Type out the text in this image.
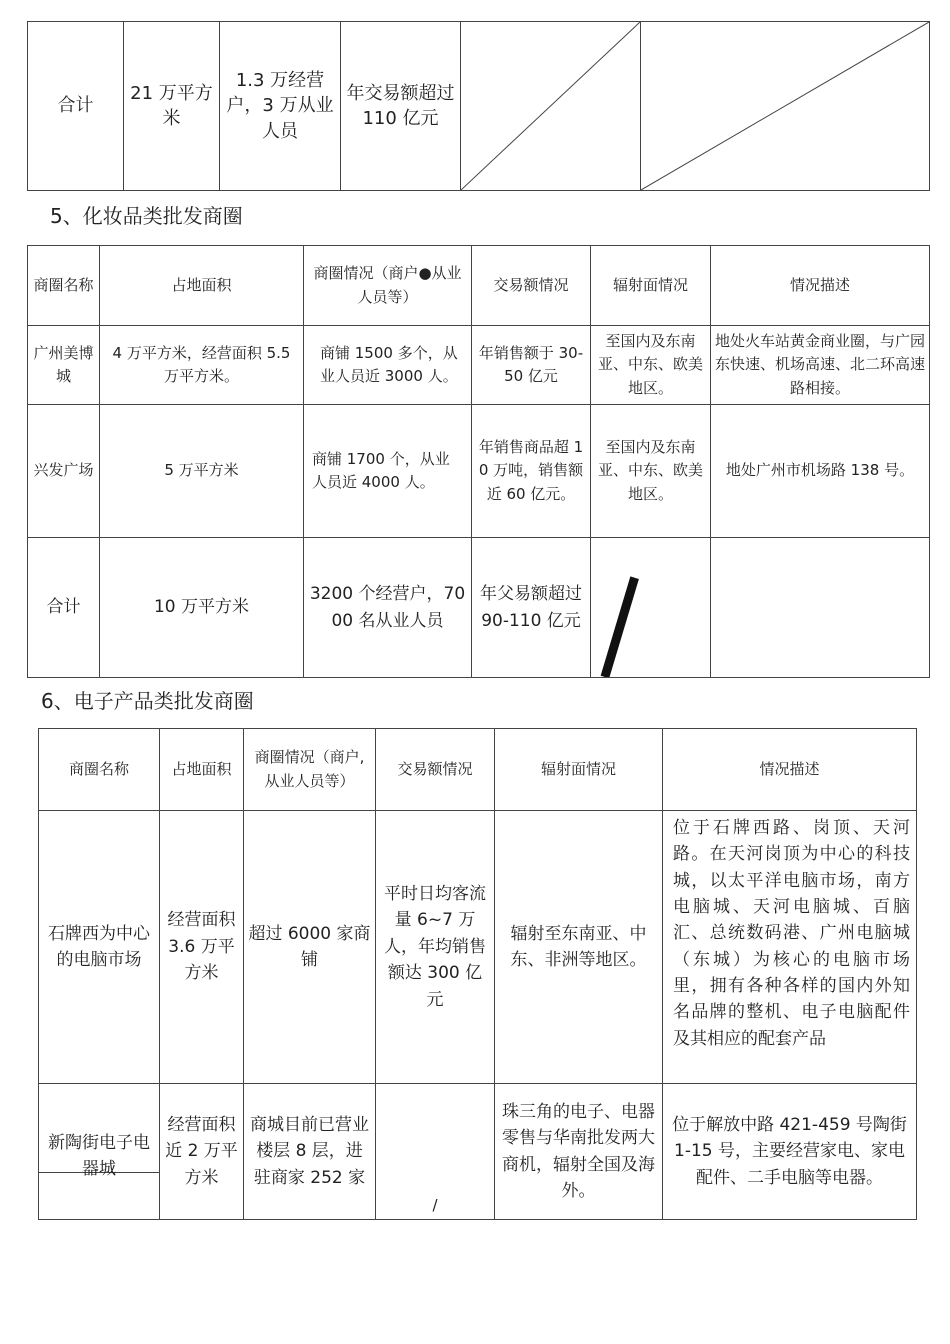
合计	21 万平方米	1.3 万经营户，3 万从业人员	年交易额超过 110 亿元	

5、化妆品类批发商圈
商圈名称	占地面积	商圈情况（商户●从业人员等）	交易额情况	辐射面情况	情况描述
广州美博城	4 万平方米，经营面积 5.5 万平方米。	商铺 1500 多个，从业人员近 3000 人。	年销售额于 30-50 亿元	至国内及东南亚、中东、欧美地区。	地处火车站黄金商业圈，与广园东快速、机场高速、北二环高速路相接。
兴发广场	5 万平方米	商铺 1700 个，从业 人员近 4000 人。	年销售商品超 10 万吨，销售额近 60 亿元。	至国内及东南亚、中东、欧美地区。	地处广州市机场路 138 号。
合计	10 万平方米	3200 个经营户，7000 名从业人员	年父易额超过 90-110 亿元	

6、电子产品类批发商圈
商圈名称	占地面积	商圈情况（商户,从业人员等）	交易额情况	辐射面情况	情况描述
石牌西为中心的电脑市场	经营面积 3.6 万平方米	超过 6000 家商铺	平时日均客流量 6~7 万人，年均销售额达 300 亿元	辐射至东南亚、中东、非洲等地区。	位于石牌西路、岗顶、天河路。在天河岗顶为中心的科技城，以太平洋电脑市场，南方电脑城、天河电脑城、百脑汇、总统数码港、广州电脑城（东城）为核心的电脑市场里，拥有各种各样的国内外知名品牌的整机、电子电脑配件及其相应的配套产品

新陶街电子电器城	经营面积近 2 万平方米	商城目前已营业楼层 8 层，进驻商家 252 家	/	珠三角的电子、电器零售与华南批发两大商机，辐射全国及海外。	位于解放中路 421-459 号陶街 1-15 号，主要经营家电、家电配件、二手电脑等电器。
